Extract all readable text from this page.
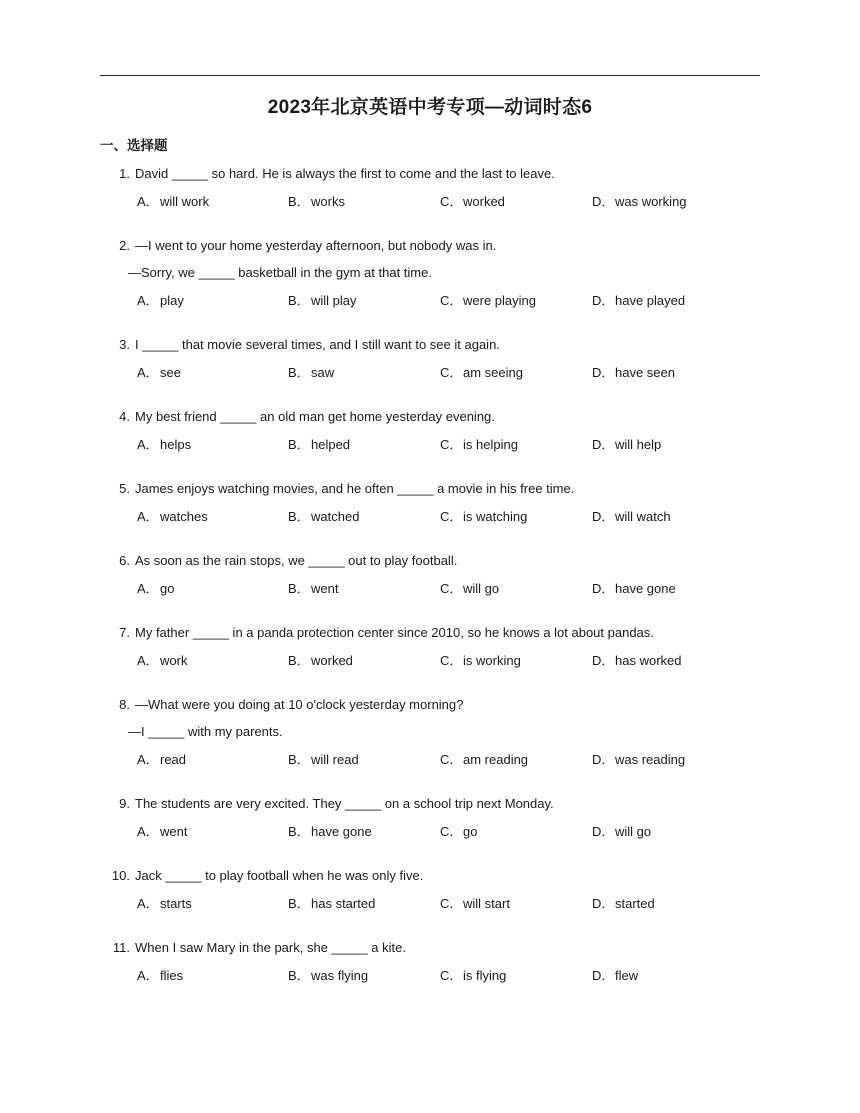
2023年北京英语中考专项—动词时态6
一、选择题
1. David _____ so hard. He is always the first to come and the last to leave.
A．will work	B．works	C．worked	D．was working
2. —I went to your home yesterday afternoon, but nobody was in.
—Sorry, we _____ basketball in the gym at that time.
A．play	B．will play	C．were playing	D．have played
3. I _____ that movie several times, and I still want to see it again.
A．see	B．saw	C．am seeing	D．have seen
4. My best friend _____ an old man get home yesterday evening.
A．helps	B．helped	C．is helping	D．will help
5. James enjoys watching movies, and he often _____ a movie in his free time.
A．watches	B．watched	C．is watching	D．will watch
6. As soon as the rain stops, we _____ out to play football.
A．go	B．went	C．will go	D．have gone
7. My father _____ in a panda protection center since 2010, so he knows a lot about pandas.
A．work	B．worked	C．is working	D．has worked
8. —What were you doing at 10 o'clock yesterday morning?
—I _____ with my parents.
A．read	B．will read	C．am reading	D．was reading
9. The students are very excited. They _____ on a school trip next Monday.
A．went	B．have gone	C．go	D．will go
10. Jack _____ to play football when he was only five.
A．starts	B．has started	C．will start	D．started
11. When I saw Mary in the park, she _____ a kite.
A．flies	B．was flying	C．is flying	D．flew
